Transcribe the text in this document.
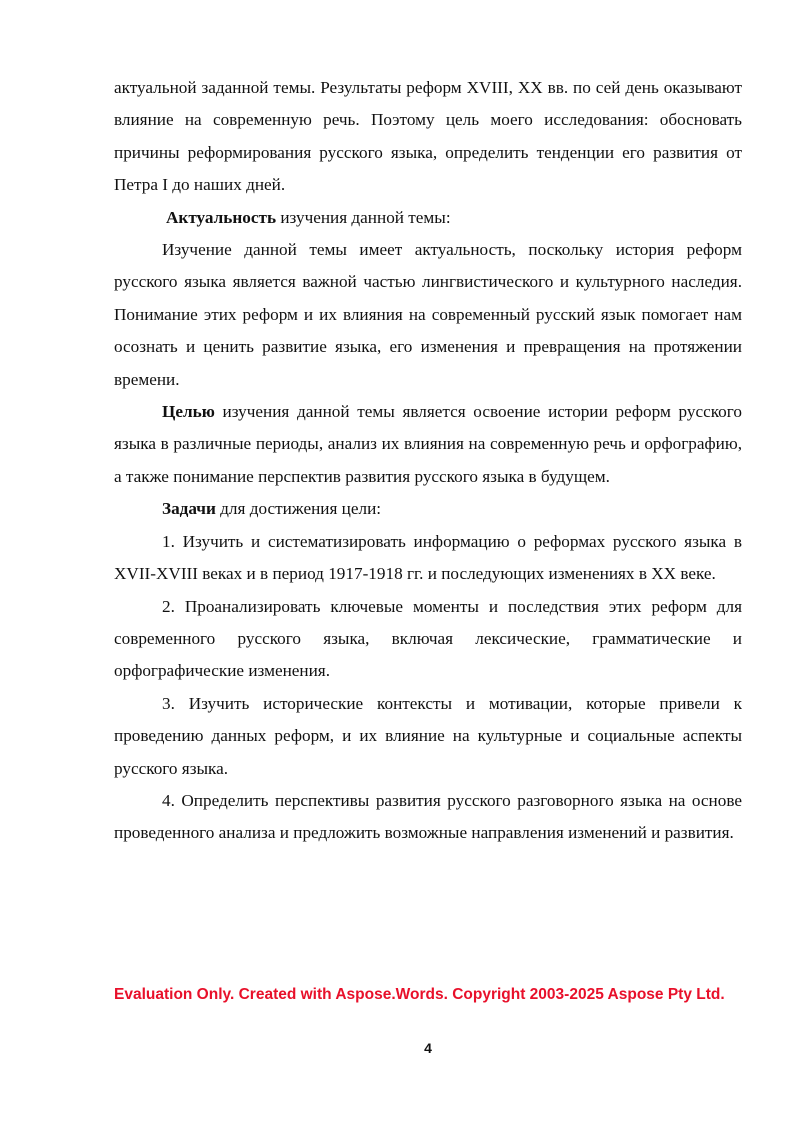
актуальной заданной темы. Результаты реформ XVIII, XX вв. по сей день оказывают влияние на современную речь. Поэтому цель моего исследования: обосновать причины реформирования русского языка, определить тенденции его развития от Петра I до наших дней.

Актуальность изучения данной темы:

Изучение данной темы имеет актуальность, поскольку история реформ русского языка является важной частью лингвистического и культурного наследия. Понимание этих реформ и их влияния на современный русский язык помогает нам осознать и ценить развитие языка, его изменения и превращения на протяжении времени.

Целью изучения данной темы является освоение истории реформ русского языка в различные периоды, анализ их влияния на современную речь и орфографию, а также понимание перспектив развития русского языка в будущем.

Задачи для достижения цели:

1. Изучить и систематизировать информацию о реформах русского языка в XVII-XVIII веках и в период 1917-1918 гг. и последующих изменениях в XX веке.

2. Проанализировать ключевые моменты и последствия этих реформ для современного русского языка, включая лексические, грамматические и орфографические изменения.

3. Изучить исторические контексты и мотивации, которые привели к проведению данных реформ, и их влияние на культурные и социальные аспекты русского языка.

4. Определить перспективы развития русского разговорного языка на основе проведенного анализа и предложить возможные направления изменений и развития.

Evaluation Only. Created with Aspose.Words. Copyright 2003-2025 Aspose Pty Ltd.
4
